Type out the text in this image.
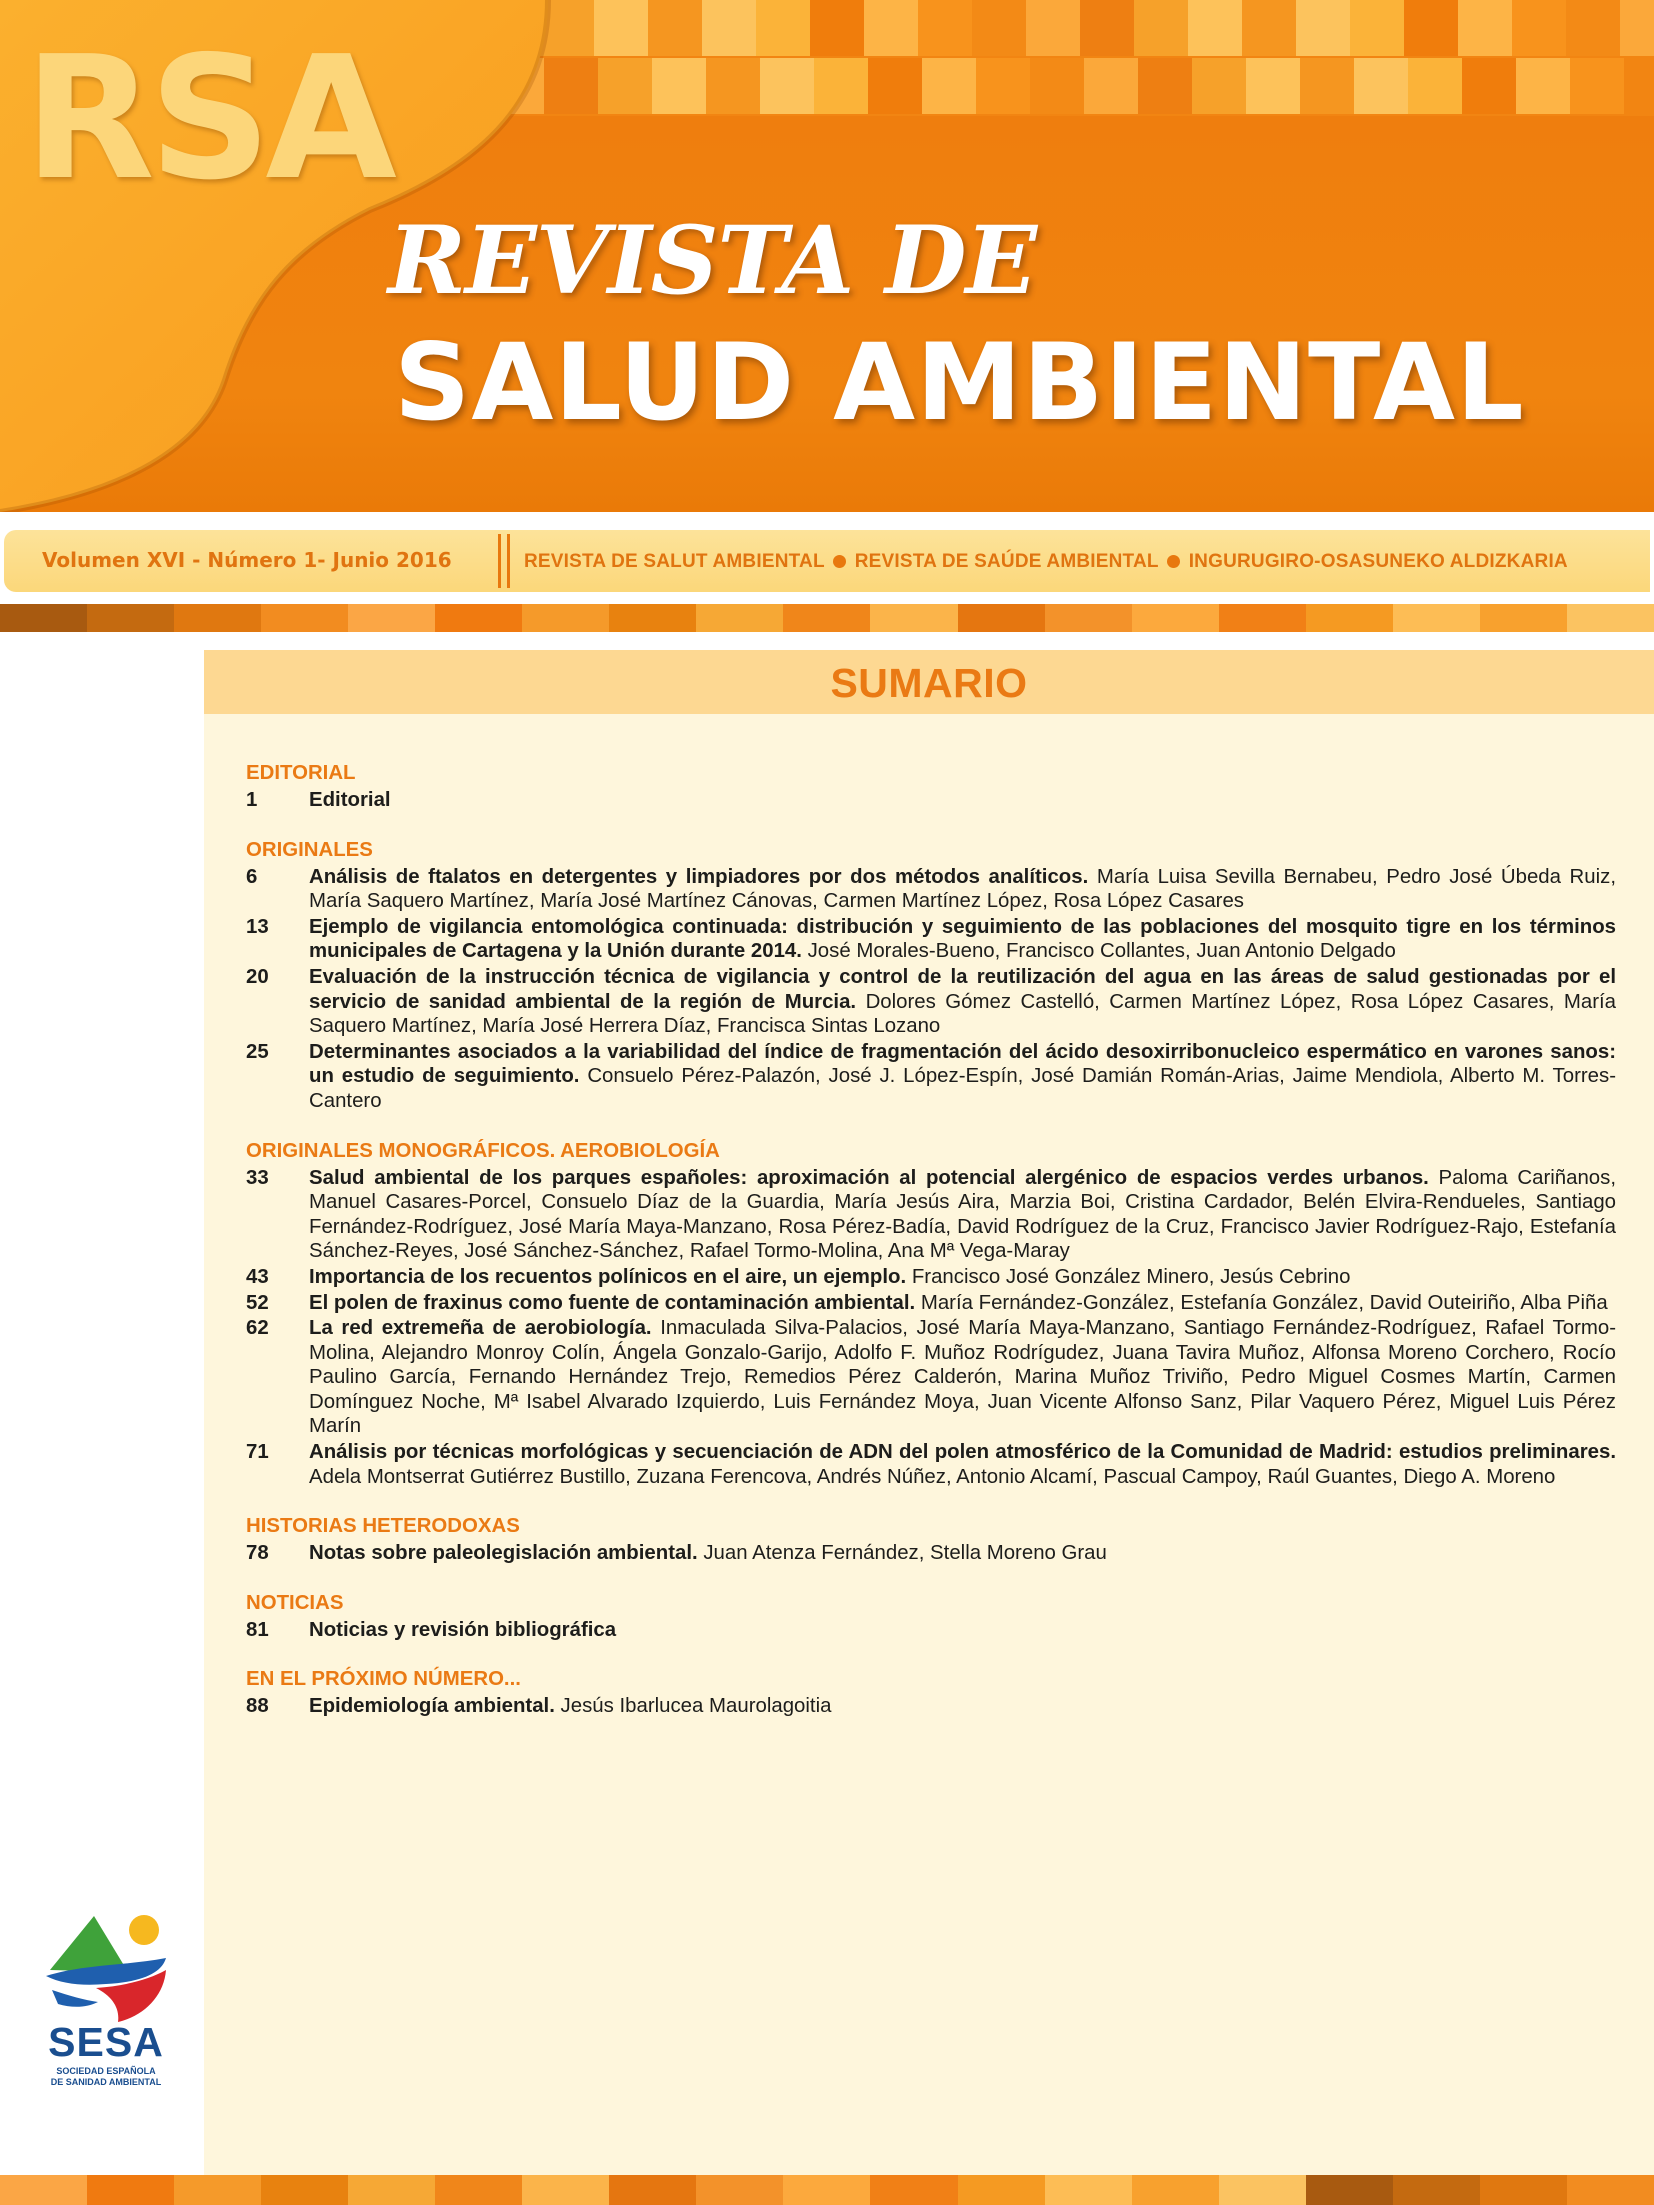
RSA
REVISTA DE
SALUD AMBIENTAL
Volumen XVI - Número 1- Junio 2016	REVISTA DE SALUT AMBIENTAL REVISTA DE SAÚDE AMBIENTAL INGURUGIRO-OSASUNEKO ALDIZKARIA
SUMARIO
EDITORIAL
1	Editorial
ORIGINALES
6	Análisis de ftalatos en detergentes y limpiadores por dos métodos analíticos. María Luisa Sevilla Bernabeu, Pedro José Úbeda Ruiz, María Saquero Martínez, María José Martínez Cánovas, Carmen Martínez López, Rosa López Casares
13	Ejemplo de vigilancia entomológica continuada: distribución y seguimiento de las poblaciones del mosquito tigre en los términos municipales de Cartagena y la Unión durante 2014. José Morales-Bueno, Francisco Collantes, Juan Antonio Delgado
20	Evaluación de la instrucción técnica de vigilancia y control de la reutilización del agua en las áreas de salud gestionadas por el servicio de sanidad ambiental de la región de Murcia. Dolores Gómez Castelló, Carmen Martínez López, Rosa López Casares, María Saquero Martínez, María José Herrera Díaz, Francisca Sintas Lozano
25	Determinantes asociados a la variabilidad del índice de fragmentación del ácido desoxirribonucleico espermático en varones sanos: un estudio de seguimiento. Consuelo Pérez-Palazón, José J. López-Espín, José Damián Román-Arias, Jaime Mendiola, Alberto M. Torres-Cantero
ORIGINALES MONOGRÁFICOS. AEROBIOLOGÍA
33	Salud ambiental de los parques españoles: aproximación al potencial alergénico de espacios verdes urbanos. Paloma Cariñanos, Manuel Casares-Porcel, Consuelo Díaz de la Guardia, María Jesús Aira, Marzia Boi, Cristina Cardador, Belén Elvira-Rendueles, Santiago Fernández-Rodríguez, José María Maya-Manzano, Rosa Pérez-Badía, David Rodríguez de la Cruz, Francisco Javier Rodríguez-Rajo, Estefanía Sánchez-Reyes, José Sánchez-Sánchez, Rafael Tormo-Molina, Ana Mª Vega-Maray
43	Importancia de los recuentos polínicos en el aire, un ejemplo. Francisco José González Minero, Jesús Cebrino
52	El polen de fraxinus como fuente de contaminación ambiental. María Fernández-González, Estefanía González, David Outeiriño, Alba Piña
62	La red extremeña de aerobiología. Inmaculada Silva-Palacios, José María Maya-Manzano, Santiago Fernández-Rodríguez, Rafael Tormo-Molina, Alejandro Monroy Colín, Ángela Gonzalo-Garijo, Adolfo F. Muñoz Rodrígudez, Juana Tavira Muñoz, Alfonsa Moreno Corchero, Rocío Paulino García, Fernando Hernández Trejo, Remedios Pérez Calderón, Marina Muñoz Triviño, Pedro Miguel Cosmes Martín, Carmen Domínguez Noche, Mª Isabel Alvarado Izquierdo, Luis Fernández Moya, Juan Vicente Alfonso Sanz, Pilar Vaquero Pérez, Miguel Luis Pérez Marín
71	Análisis por técnicas morfológicas y secuenciación de ADN del polen atmosférico de la Comunidad de Madrid: estudios preliminares. Adela Montserrat Gutiérrez Bustillo, Zuzana Ferencova, Andrés Núñez, Antonio Alcamí, Pascual Campoy, Raúl Guantes, Diego A. Moreno
HISTORIAS HETERODOXAS
78	Notas sobre paleolegislación ambiental. Juan Atenza Fernández, Stella Moreno Grau
NOTICIAS
81	Noticias y revisión bibliográfica
EN EL PRÓXIMO NÚMERO...
88	Epidemiología ambiental. Jesús Ibarlucea Maurolagoitia
SESA
SOCIEDAD ESPAÑOLA
DE SANIDAD AMBIENTAL
